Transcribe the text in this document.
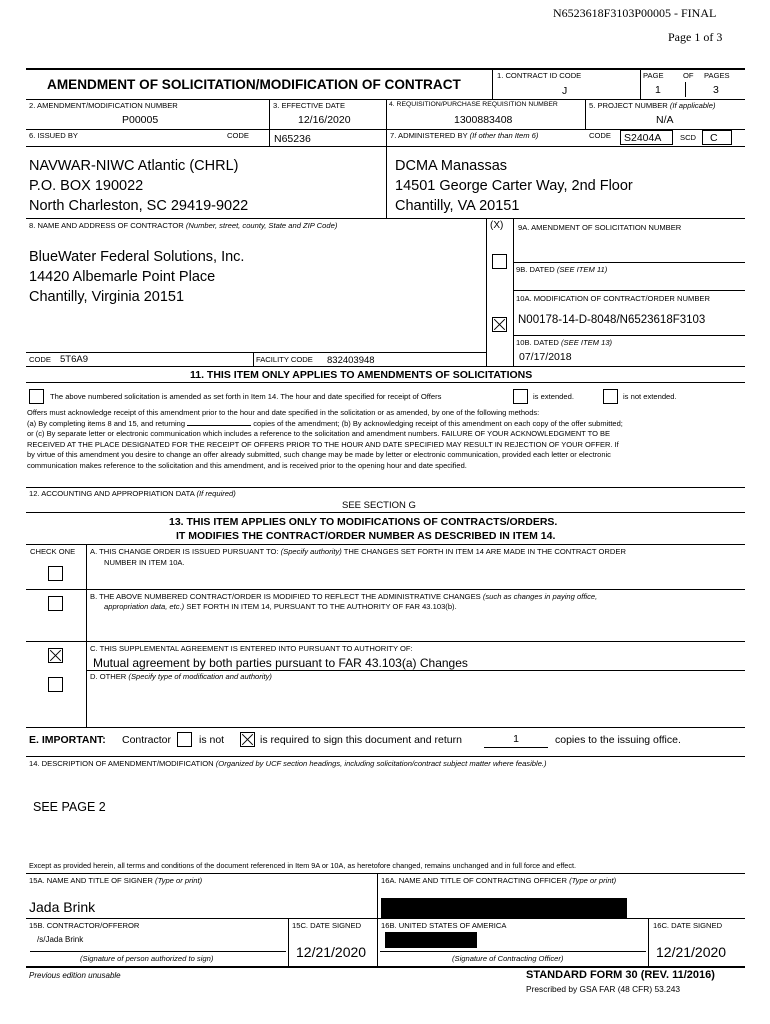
N6523618F3103P00005 - FINAL
Page 1 of 3
AMENDMENT OF SOLICITATION/MODIFICATION OF CONTRACT
1. CONTRACT ID CODE
J
PAGE	OF PAGES
1	3
2. AMENDMENT/MODIFICATION NUMBER
P00005
3. EFFECTIVE DATE
12/16/2020
4. REQUISITION/PURCHASE REQUISITION NUMBER
1300883408
5. PROJECT NUMBER (If applicable)
N/A
6. ISSUED BY	CODE N65236	7. ADMINISTERED BY (If other than Item 6)	CODE S2404A SCD C
NAVWAR-NIWC Atlantic (CHRL)
P.O. BOX 190022
North Charleston, SC 29419-9022
DCMA Manassas
14501 George Carter Way, 2nd Floor
Chantilly, VA 20151
8. NAME AND ADDRESS OF CONTRACTOR (Number, street, county, State and ZIP Code)	(X) 9A. AMENDMENT OF SOLICITATION NUMBER
9B. DATED (SEE ITEM 11)
10A. MODIFICATION OF CONTRACT/ORDER NUMBER
N00178-14-D-8048/N6523618F3103
10B. DATED (SEE ITEM 13)
07/17/2018
BlueWater Federal Solutions, Inc.
14420 Albemarle Point Place
Chantilly, Virginia 20151
CODE 5T6A9	FACILITY CODE 832403948
11. THIS ITEM ONLY APPLIES TO AMENDMENTS OF SOLICITATIONS
The above numbered solicitation is amended as set forth in Item 14. The hour and date specified for receipt of Offers	is extended.	is not extended.
Offers must acknowledge receipt of this amendment prior to the hour and date specified in the solicitation or as amended, by one of the following methods:
(a) By completing items 8 and 15, and returning	copies of the amendment; (b) By acknowledging receipt of this amendment on each copy of the offer submitted;
or (c) By separate letter or electronic communication which includes a reference to the solicitation and amendment numbers. FAILURE OF YOUR ACKNOWLEDGMENT TO BE
RECEIVED AT THE PLACE DESIGNATED FOR THE RECEIPT OF OFFERS PRIOR TO THE HOUR AND DATE SPECIFIED MAY RESULT IN REJECTION OF YOUR OFFER. If
by virtue of this amendment you desire to change an offer already submitted, such change may be made by letter or electronic communication, provided each letter or electronic
communication makes reference to the solicitation and this amendment, and is received prior to the opening hour and date specified.
12. ACCOUNTING AND APPROPRIATION DATA (If required)
SEE SECTION G
13. THIS ITEM APPLIES ONLY TO MODIFICATIONS OF CONTRACTS/ORDERS.
IT MODIFIES THE CONTRACT/ORDER NUMBER AS DESCRIBED IN ITEM 14.
CHECK ONE A. THIS CHANGE ORDER IS ISSUED PURSUANT TO: (Specify authority) THE CHANGES SET FORTH IN ITEM 14 ARE MADE IN THE CONTRACT ORDER
NUMBER IN ITEM 10A.
B. THE ABOVE NUMBERED CONTRACT/ORDER IS MODIFIED TO REFLECT THE ADMINISTRATIVE CHANGES (such as changes in paying office,
appropriation data, etc.) SET FORTH IN ITEM 14, PURSUANT TO THE AUTHORITY OF FAR 43.103(b).
C. THIS SUPPLEMENTAL AGREEMENT IS ENTERED INTO PURSUANT TO AUTHORITY OF:
Mutual agreement by both parties pursuant to FAR 43.103(a) Changes
D. OTHER (Specify type of modification and authority)
E. IMPORTANT: Contractor	is not	is required to sign this document and return	1	copies to the issuing office.
14. DESCRIPTION OF AMENDMENT/MODIFICATION (Organized by UCF section headings, including solicitation/contract subject matter where feasible.)
SEE PAGE 2
Except as provided herein, all terms and conditions of the document referenced in Item 9A or 10A, as heretofore changed, remains unchanged and in full force and effect.
15A. NAME AND TITLE OF SIGNER (Type or print)	16A. NAME AND TITLE OF CONTRACTING OFFICER (Type or print)
Jada Brink
15B. CONTRACTOR/OFFEROR
/s/Jada Brink
(Signature of person authorized to sign)
15C. DATE SIGNED
12/21/2020
16B. UNITED STATES OF AMERICA
(Signature of Contracting Officer)
16C. DATE SIGNED
12/21/2020
Previous edition unusable	STANDARD FORM 30 (REV. 11/2016)
Prescribed by GSA FAR (48 CFR) 53.243
